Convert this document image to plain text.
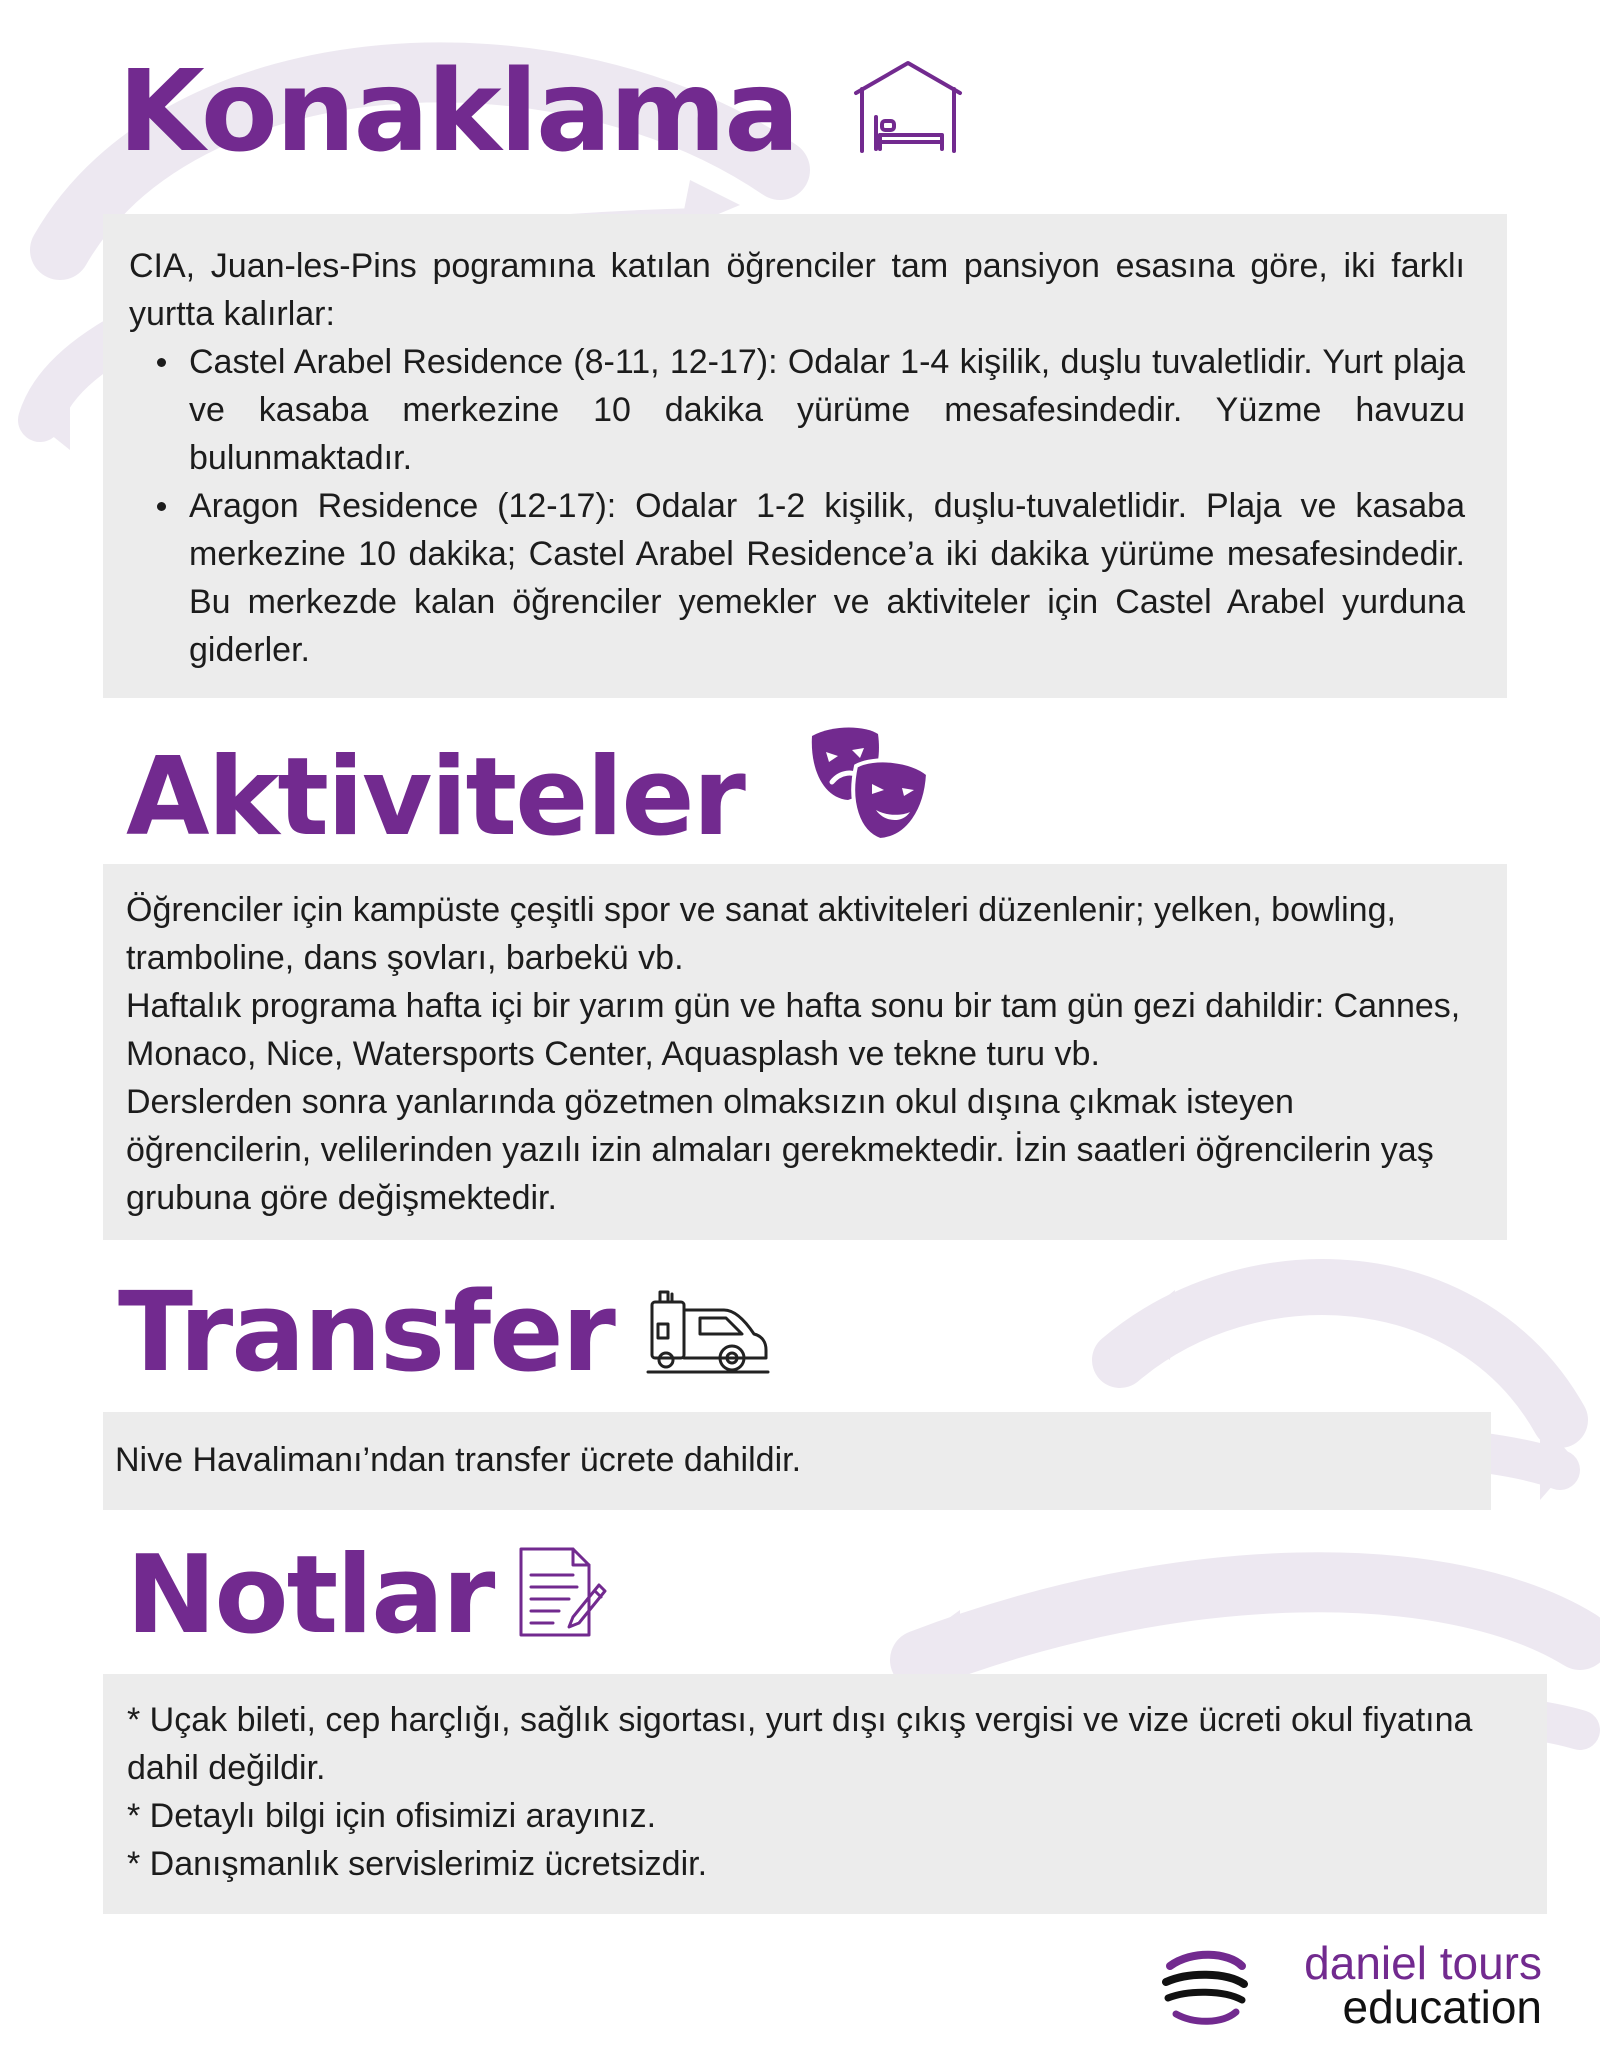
Konaklama

CIA, Juan-les-Pins pogramına katılan öğrenciler tam pansiyon esasına göre, iki farklı yurtta kalırlar:

Castel Arabel Residence (8-11, 12-17): Odalar 1-4 kişilik, duşlu tuvaletlidir. Yurt plaja ve kasaba merkezine 10 dakika yürüme mesafesindedir. Yüzme havuzu bulunmaktadır.
Aragon Residence (12-17): Odalar 1-2 kişilik, duşlu-tuvaletlidir. Plaja ve kasaba merkezine 10 dakika; Castel Arabel Residence’a iki dakika yürüme mesafesindedir. Bu merkezde kalan öğrenciler yemekler ve aktiviteler için Castel Arabel yurduna giderler.
Aktiviteler

Öğrenciler için kampüste çeşitli spor ve sanat aktiviteleri düzenlenir; yelken, bowling, tramboline, dans şovları, barbekü vb.

Haftalık programa hafta içi bir yarım gün ve hafta sonu bir tam gün gezi dahildir: Cannes, Monaco, Nice, Watersports Center, Aquasplash ve tekne turu vb.

Derslerden sonra yanlarında gözetmen olmaksızın okul dışına çıkmak isteyen öğrencilerin, velilerinden yazılı izin almaları gerekmektedir. İzin saatleri öğrencilerin yaş grubuna göre değişmektedir.

Transfer

Nive Havalimanı’ndan transfer ücrete dahildir.

Notlar

* Uçak bileti, cep harçlığı, sağlık sigortası, yurt dışı çıkış vergisi ve vize ücreti okul fiyatına dahil değildir.

* Detaylı bilgi için ofisimizi arayınız.

* Danışmanlık servislerimiz ücretsizdir.

daniel tours
education
